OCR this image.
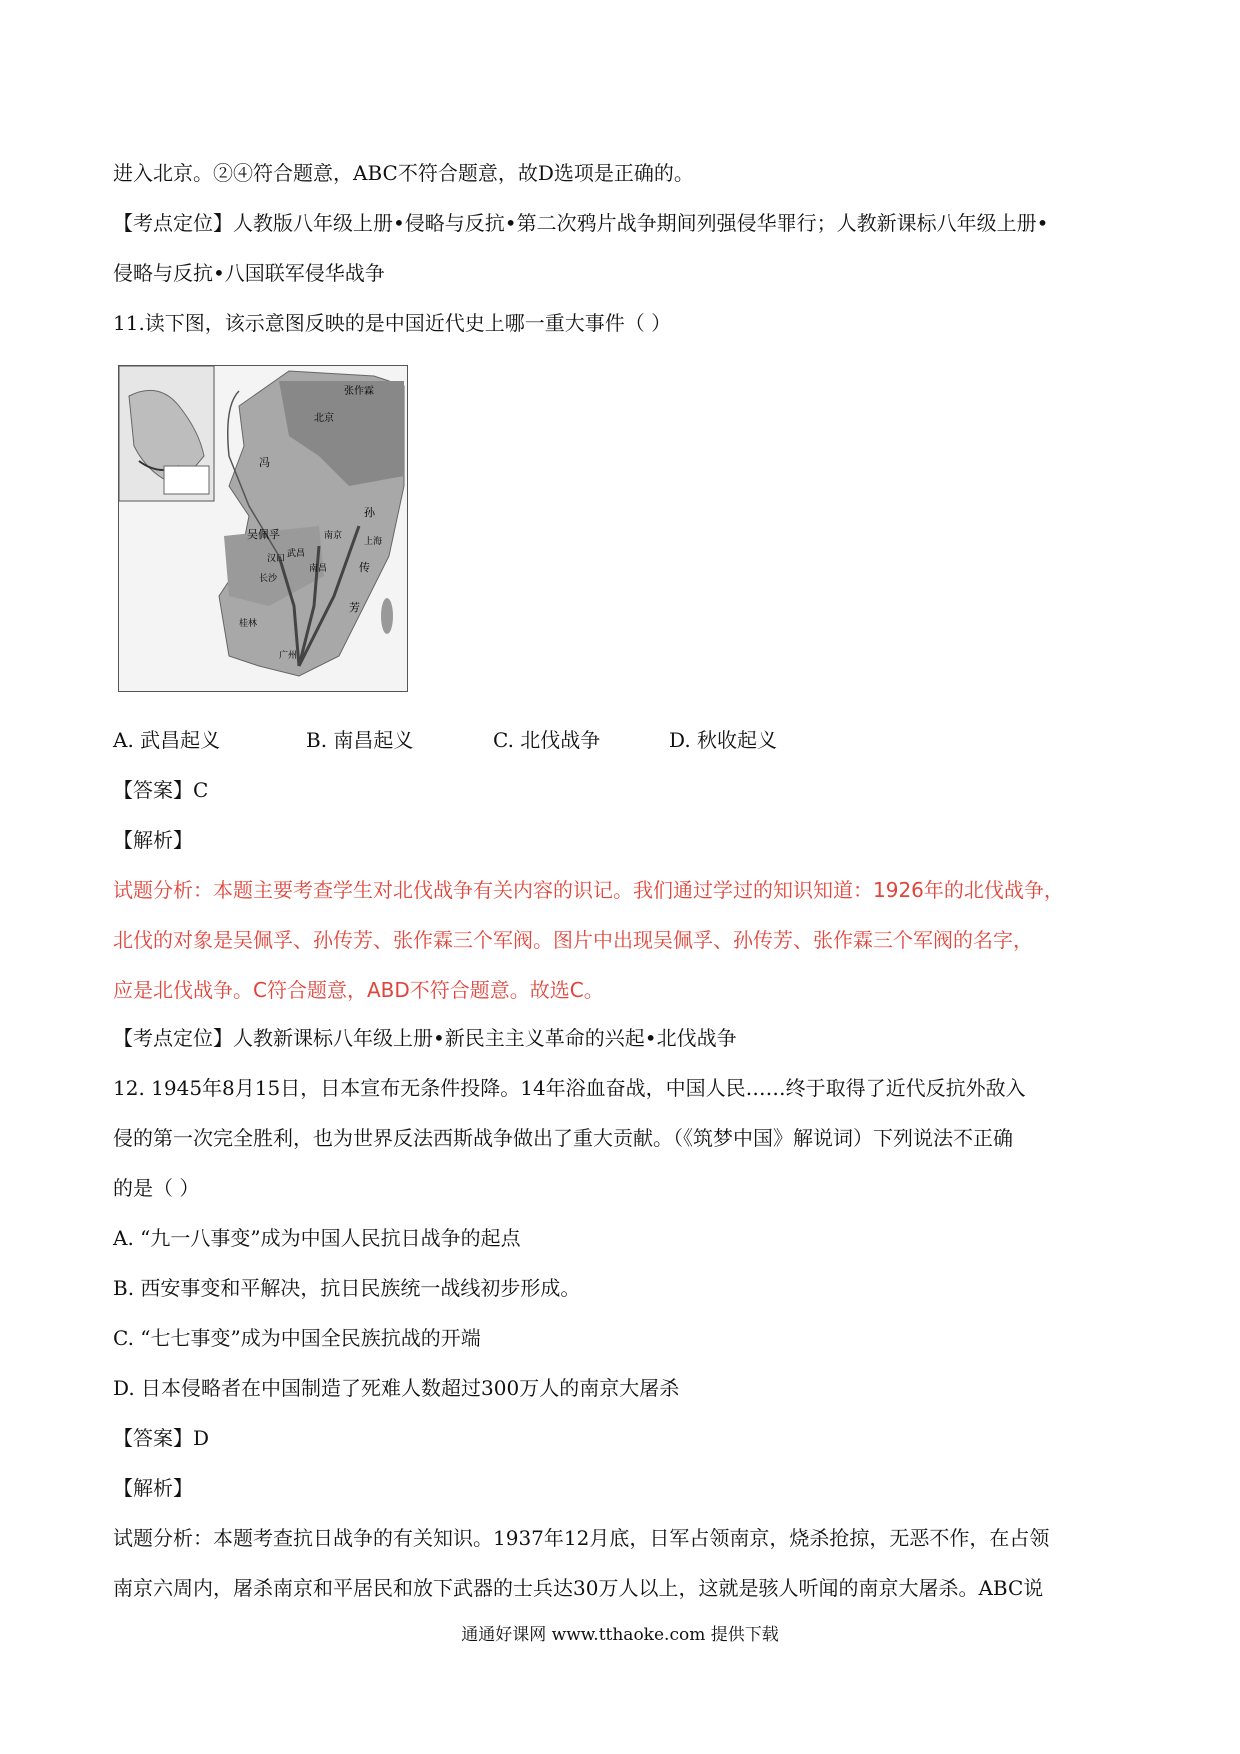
进入北京。②④符合题意，ABC不符合题意，故D选项是正确的。
【考点定位】人教版八年级上册•侵略与反抗•第二次鸦片战争期间列强侵华罪行；人教新课标八年级上册•
侵略与反抗•八国联军侵华战争
11.读下图，该示意图反映的是中国近代史上哪一重大事件（ ）
张作霖
北京
吴佩孚
孙
传
芳
南京
上海
汉口 武昌
南昌
长沙
桂林
广州
冯
A. 武昌起义	B. 南昌起义	C. 北伐战争	D. 秋收起义
【答案】C
【解析】
试题分析：本题主要考查学生对北伐战争有关内容的识记。我们通过学过的知识知道：1926年的北伐战争，
北伐的对象是吴佩孚、孙传芳、张作霖三个军阀。图片中出现吴佩孚、孙传芳、张作霖三个军阀的名字，
应是北伐战争。C符合题意，ABD不符合题意。故选C。
【考点定位】人教新课标八年级上册•新民主主义革命的兴起•北伐战争
12. 1945年8月15日，日本宣布无条件投降。14年浴血奋战，中国人民……终于取得了近代反抗外敌入
侵的第一次完全胜利，也为世界反法西斯战争做出了重大贡献。（《筑梦中国》解说词）下列说法不正确
的是（ ）
A. “九一八事变”成为中国人民抗日战争的起点
B. 西安事变和平解决，抗日民族统一战线初步形成。
C. “七七事变”成为中国全民族抗战的开端
D. 日本侵略者在中国制造了死难人数超过300万人的南京大屠杀
【答案】D
【解析】
试题分析：本题考查抗日战争的有关知识。1937年12月底，日军占领南京，烧杀抢掠，无恶不作，在占领
南京六周内，屠杀南京和平居民和放下武器的士兵达30万人以上，这就是骇人听闻的南京大屠杀。ABC说
通通好课网 www.tthaoke.com 提供下载
